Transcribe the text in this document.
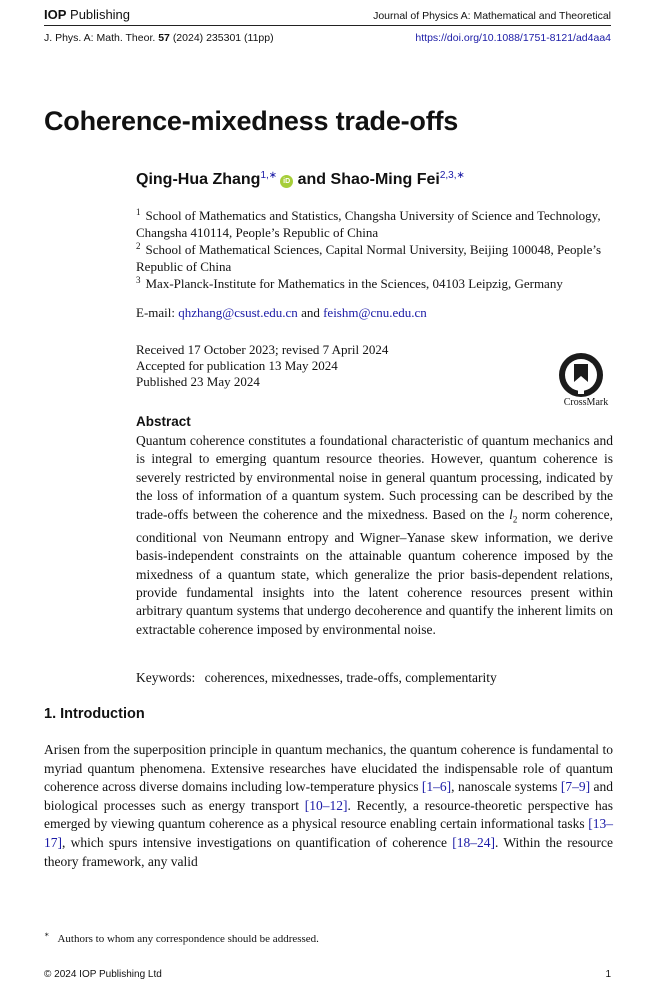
IOP Publishing	Journal of Physics A: Mathematical and Theoretical
J. Phys. A: Math. Theor. 57 (2024) 235301 (11pp)	https://doi.org/10.1088/1751-8121/ad4aa4
Coherence-mixedness trade-offs
Qing-Hua Zhang$^{1,∗}$iD and Shao-Ming Fei$^{2,3,∗}$
$^1$ School of Mathematics and Statistics, Changsha University of Science and Technology, Changsha 410114, People’s Republic of China
$^2$ School of Mathematical Sciences, Capital Normal University, Beijing 100048, People’s Republic of China
$^3$ Max-Planck-Institute for Mathematics in the Sciences, 04103 Leipzig, Germany
E-mail: qhzhang@csust.edu.cn and feishm@cnu.edu.cn
Received 17 October 2023; revised 7 April 2024
Accepted for publication 13 May 2024
Published 23 May 2024
CrossMark
Abstract
Quantum coherence constitutes a foundational characteristic of quantum mechanics and is integral to emerging quantum resource theories. However, quantum coherence is severely restricted by environmental noise in general quantum processing, indicated by the loss of information of a quantum system. Such processing can be described by the trade-offs between the coherence and the mixedness. Based on the $l_2$ norm coherence, conditional von Neumann entropy and Wigner–Yanase skew information, we derive basis-independent constraints on the attainable quantum coherence imposed by the mixedness of a quantum state, which generalize the prior basis-dependent relations, provide fundamental insights into the latent coherence resources present within arbitrary quantum systems that undergo decoherence and quantify the inherent limits on extractable coherence imposed by environmental noise.
Keywords: coherences, mixednesses, trade-offs, complementarity
1. Introduction
Arisen from the superposition principle in quantum mechanics, the quantum coherence is fundamental to myriad quantum phenomena. Extensive researches have elucidated the indispensable role of quantum coherence across diverse domains including low-temperature physics [1–6], nanoscale systems [7–9] and biological processes such as energy transport [10–12]. Recently, a resource-theoretic perspective has emerged by viewing quantum coherence as a physical resource enabling certain informational tasks [13–17], which spurs intensive investigations on quantification of coherence [18–24]. Within the resource theory framework, any valid
∗ Authors to whom any correspondence should be addressed.
© 2024 IOP Publishing Ltd	1
